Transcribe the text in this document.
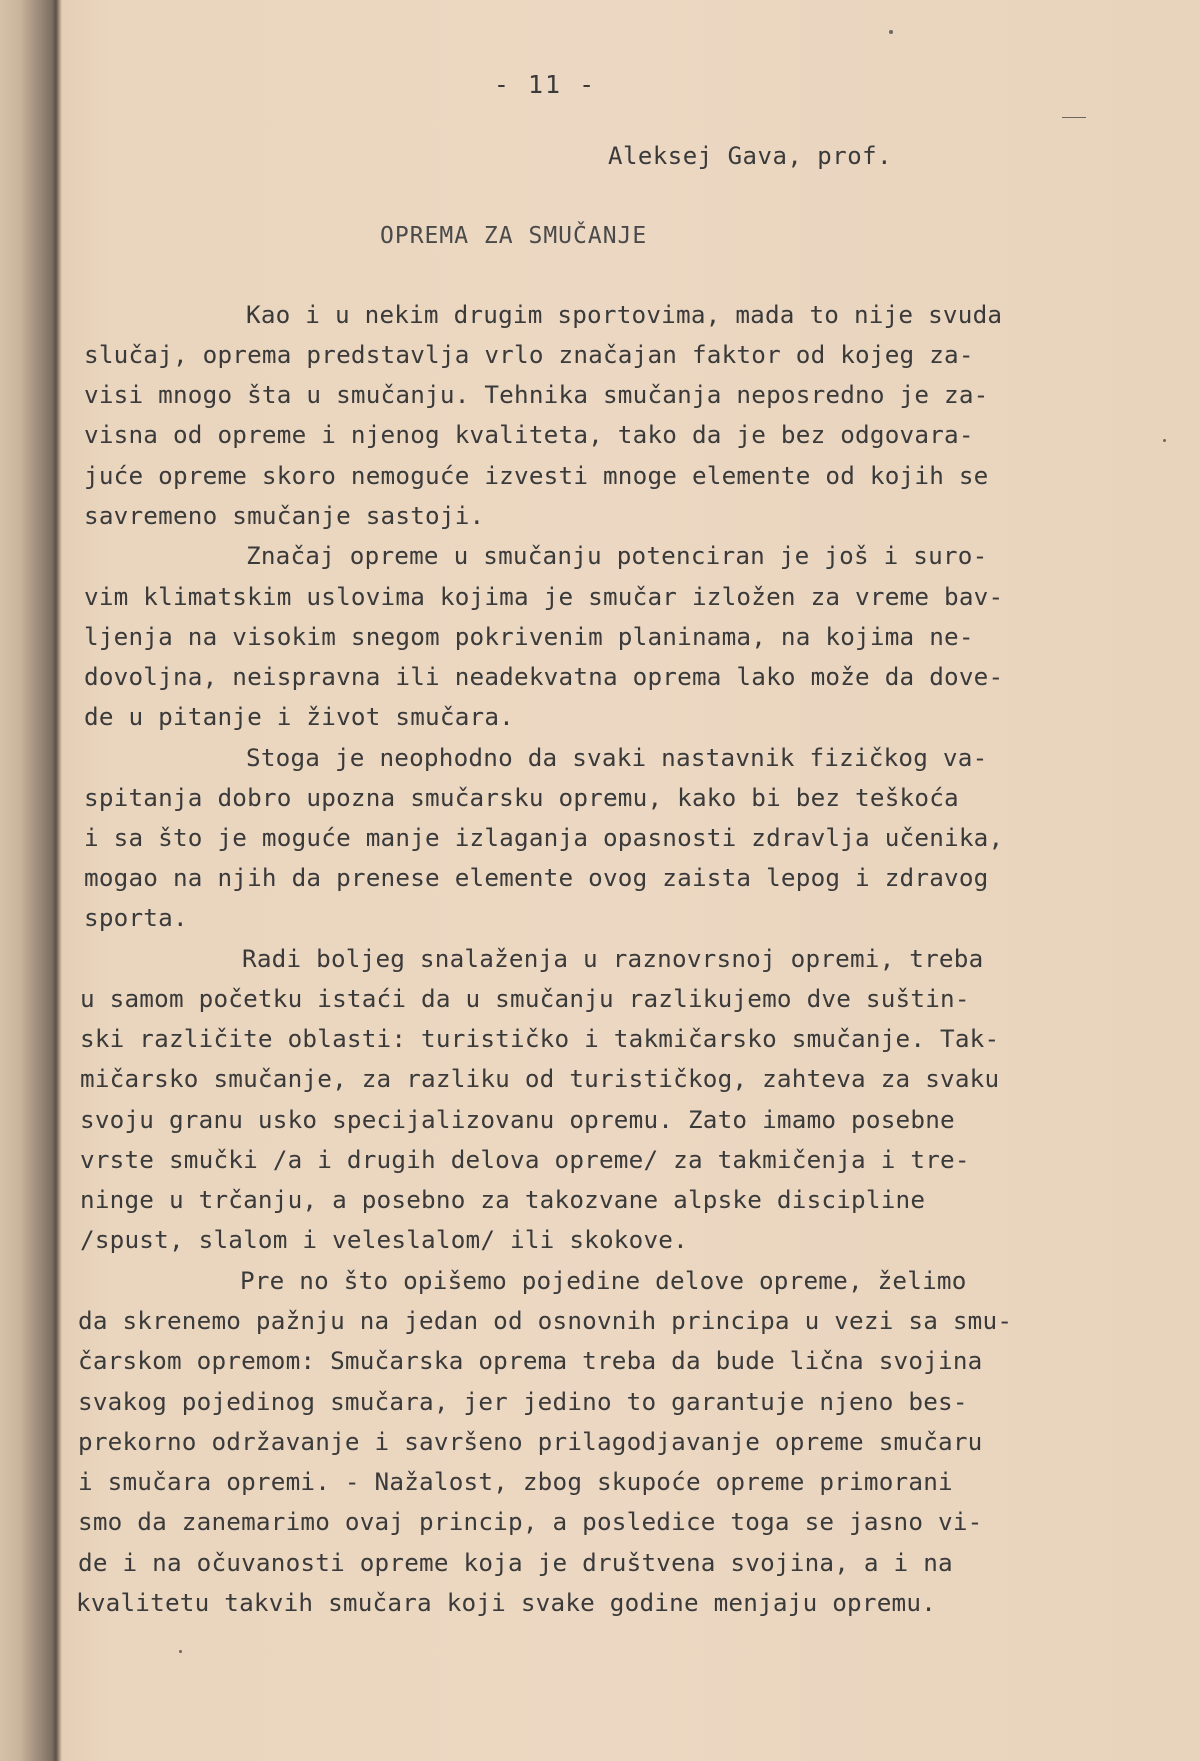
- 11 -
Aleksej Gava, prof.
OPREMA ZA SMUČANJE
Kao i u nekim drugim sportovima, mada to nije svuda
slučaj, oprema predstavlja vrlo značajan faktor od kojeg za-
visi mnogo šta u smučanju. Tehnika smučanja neposredno je za-
visna od opreme i njenog kvaliteta, tako da je bez odgovara-
juće opreme skoro nemoguće izvesti mnoge elemente od kojih se
savremeno smučanje sastoji.
Značaj opreme u smučanju potenciran je još i suro-
vim klimatskim uslovima kojima je smučar izložen za vreme bav-
ljenja na visokim snegom pokrivenim planinama, na kojima ne-
dovoljna, neispravna ili neadekvatna oprema lako može da dove-
de u pitanje i život smučara.
Stoga je neophodno da svaki nastavnik fizičkog va-
spitanja dobro upozna smučarsku opremu, kako bi bez teškoća
i sa što je moguće manje izlaganja opasnosti zdravlja učenika,
mogao na njih da prenese elemente ovog zaista lepog i zdravog
sporta.
Radi boljeg snalaženja u raznovrsnoj opremi, treba
u samom početku istaći da u smučanju razlikujemo dve suštin-
ski različite oblasti: turističko i takmičarsko smučanje. Tak-
mičarsko smučanje, za razliku od turističkog, zahteva za svaku
svoju granu usko specijalizovanu opremu. Zato imamo posebne
vrste smučki /a i drugih delova opreme/ za takmičenja i tre-
ninge u trčanju, a posebno za takozvane alpske discipline
/spust, slalom i veleslalom/ ili skokove.
Pre no što opišemo pojedine delove opreme, želimo
da skrenemo pažnju na jedan od osnovnih principa u vezi sa smu-
čarskom opremom: Smučarska oprema treba da bude lična svojina
svakog pojedinog smučara, jer jedino to garantuje njeno bes-
prekorno održavanje i savršeno prilagodjavanje opreme smučaru
i smučara opremi. - Nažalost, zbog skupoće opreme primorani
smo da zanemarimo ovaj princip, a posledice toga se jasno vi-
de i na očuvanosti opreme koja je društvena svojina, a i na
kvalitetu takvih smučara koji svake godine menjaju opremu.
